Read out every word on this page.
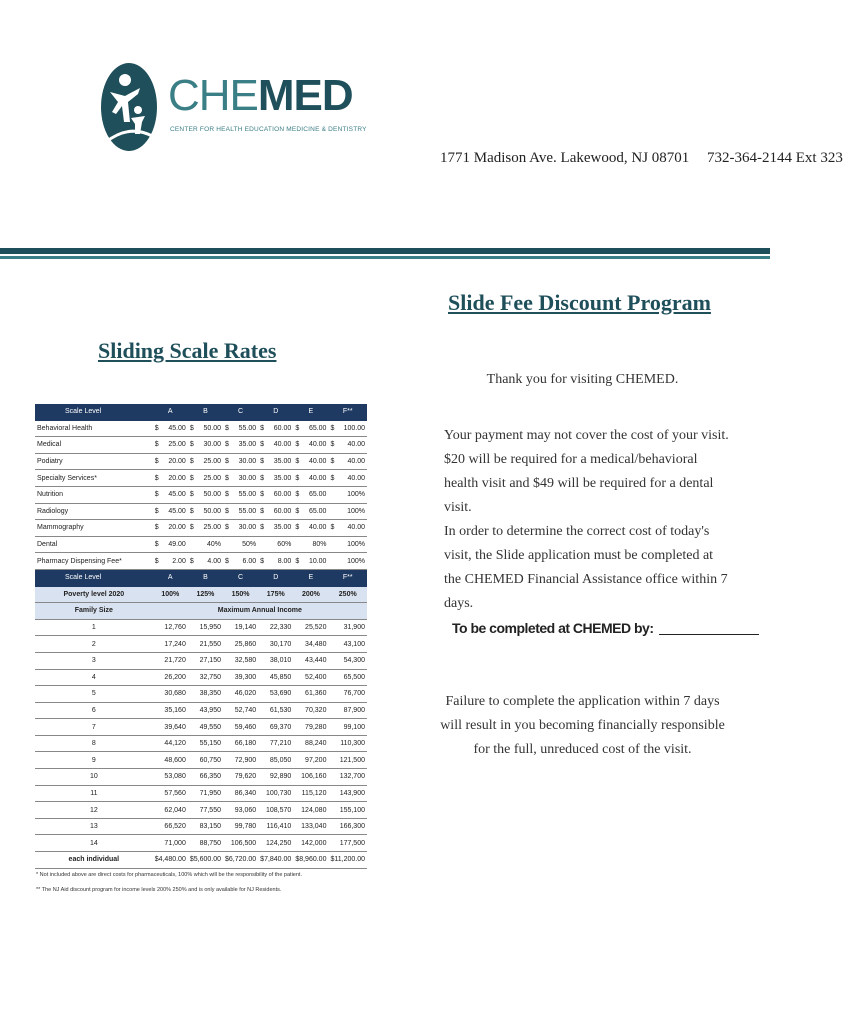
CHEMED
CENTER FOR HEALTH EDUCATION MEDICINE & DENTISTRY
1771 Madison Ave. Lakewood, NJ 08701 732-364-2144 Ext 323
Slide Fee Discount Program
Sliding Scale Rates
Thank you for visiting CHEMED.
Your payment may not cover the cost of your visit. $20 will be required for a medical/behavioral health visit and $49 will be required for a dental visit.
In order to determine the correct cost of today's visit, the Slide application must be completed at the CHEMED Financial Assistance office within 7 days.
To be completed at CHEMED by:
Failure to complete the application within 7 days will result in you becoming financially responsible for the full, unreduced cost of the visit.
Scale Level	A	B	C	D	E	F**
Behavioral Health	$ 45.00	$ 50.00	$ 55.00	$ 60.00	$ 65.00	$ 100.00

Medical	$ 25.00	$ 30.00	$ 35.00	$ 40.00	$ 40.00	$ 40.00

Podiatry	$ 20.00	$ 25.00	$ 30.00	$ 35.00	$ 40.00	$ 40.00

Specialty Services*	$ 20.00	$ 25.00	$ 30.00	$ 35.00	$ 40.00	$ 40.00

Nutrition	$ 45.00	$ 50.00	$ 55.00	$ 60.00	$ 65.00	100%
Radiology	$ 45.00	$ 50.00	$ 55.00	$ 60.00	$ 65.00	100%
Mammography	$ 20.00	$ 25.00	$ 30.00	$ 35.00	$ 40.00	$ 40.00

Dental	$ 49.00	40%	50%	60%	80%	100%
Pharmacy Dispensing Fee*	$ 2.00	$ 4.00	$ 6.00	$ 8.00	$ 10.00	100%
Scale Level	A	B	C	D	E	F**
Poverty level 2020	100%	125%	150%	175%	200%	250%
Family Size	Maximum Annual Income					
1	12,760	15,950	19,140	22,330	25,520	31,900
2	17,240	21,550	25,860	30,170	34,480	43,100
3	21,720	27,150	32,580	38,010	43,440	54,300
4	26,200	32,750	39,300	45,850	52,400	65,500
5	30,680	38,350	46,020	53,690	61,360	76,700
6	35,160	43,950	52,740	61,530	70,320	87,900
7	39,640	49,550	59,460	69,370	79,280	99,100
8	44,120	55,150	66,180	77,210	88,240	110,300
9	48,600	60,750	72,900	85,050	97,200	121,500
10	53,080	66,350	79,620	92,890	106,160	132,700
11	57,560	71,950	86,340	100,730	115,120	143,900
12	62,040	77,550	93,060	108,570	124,080	155,100
13	66,520	83,150	99,780	116,410	133,040	166,300
14	71,000	88,750	106,500	124,250	142,000	177,500
each individual	$ 4,480.00	$ 5,600.00	$ 6,720.00	$ 7,840.00	$ 8,960.00	$ 11,200.00
* Not included above are direct costs for pharmaceuticals, 100% which will be the responsibility of the patient.
** The NJ Aid discount program for income levels 200% 250% and is only available for NJ Residents.
